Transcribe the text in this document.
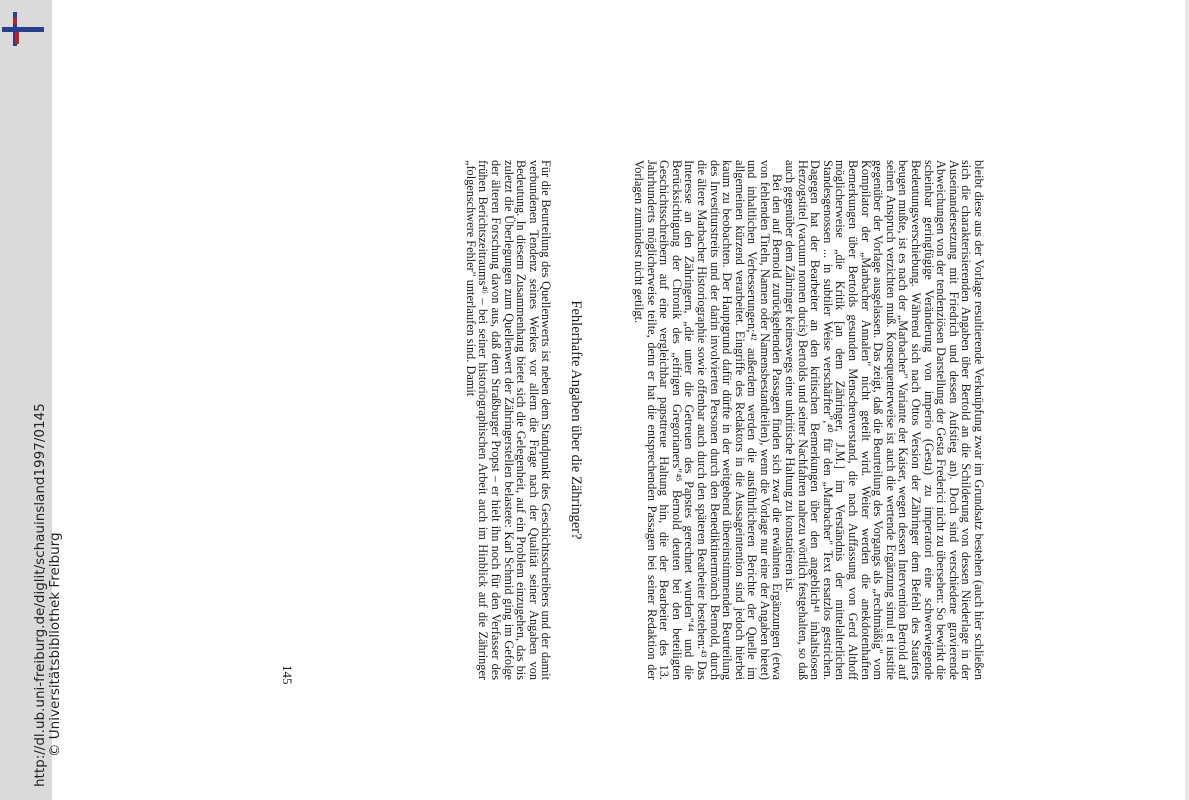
http://dl.ub.uni-freiburg.de/diglit/schauinsland1997/0145 © Universitätsbibliothek Freiburg	bleibt diese aus der Vorlage resultierende Verknüpfung zwar im Grundsatz bestehen (auch hier schließen sich die charakterisierenden Angaben über Bertold an die Schilderung von dessen Niederlage in der Auseinandersetzung mit Friedrich und dessen Aufstieg an). Doch sind verschiedene gravierende Abweichungen von der tendenziösen Darstellung der Gesta Frederici nicht zu übersehen: So bewirkt die scheinbar geringfügige Veränderung von imperio (Gesta) zu imperatori eine schwerwiegende Bedeutungsverschiebung. Während sich nach Ottos Version der Zähringer dem Befehl des Staufers beugen mußte, ist es nach der „Marbacher" Variante der Kaiser, wegen dessen Intervention Bertold auf seinen Anspruch verzichten muß. Konsequenterweise ist auch die wertende Ergänzung simul et iustitie gegenüber der Vorlage ausgelassen. Das zeigt, daß die Beurteilung des Vorgangs als „rechtmäßig" vom Kompilator der „Marbacher Annalen" nicht geteilt wird. Weiter werden die anekdotenhaften Bemerkungen über Bertolds gesunden Menschenverstand, die nach Auffassung von Gerd Althoff möglicherweise „die Kritik [an dem Zähringer, J.M.] im Verständnis der mittelalterlichen Standesgenossen ... in subtiler Weise verschärfter",⁴⁰ für den „Marbacher" Text ersatzlos gestrichen. Dagegen hat der Bearbeiter an den kritischen Bemerkungen über den angeblich⁴¹ inhaltslosen Herzogstitel (vacuum nomen ducis) Bertolds und seiner Nachfahren nahezu wörtlich festgehalten, so daß auch gegenüber dem Zähringer keineswegs eine unkritische Haltung zu konstatieren ist.

Bei den auf Bernold zurückgehenden Passagen finden sich zwar die erwähnten Ergänzungen (etwa von fehlenden Titeln, Namen oder Namensbestandteilen), wenn die Vorlage nur eine der Angaben bietet) und inhaltlichen Verbesserungen;⁴² außerdem werden die ausführlicheren Berichte der Quelle im allgemeinen kürzend verarbeitet. Eingriffe des Redaktors in die Aussageintention sind jedoch hierbei kaum zu beobachten. Der Hauptgrund dafür dürfte in der weitgehend übereinstimmenden Beurteilung des Investiturstreits und der darin involvierten Personen durch den Benediktinermönch Bernold, durch die ältere Marbacher Historiographie sowie offenbar auch durch den späteren Bearbeiter bestehen:⁴³ Das Interesse an den Zähringern, „die unter die Getreuen des Papstes gerechnet wurden"⁴⁴ und die Berücksichtigung der Chronik des „eifrigen Gregorianers"⁴⁵ Bernold deuten bei den beteiligten Geschichtsschreibern auf eine vergleichbar papsttreue Haltung hin, die der Bearbeiter des 13. Jahrhunderts möglicherweise teilte, denn er hat die entsprechenden Passagen bei seiner Redaktion der Vorlagen zumindest nicht getilgt.

Fehlerhafte Angaben über die Zähringer?

Für die Beurteilung des Quellenwerts ist neben dem Standpunkt des Geschichtsschreibers und der damit verbundenen Tendenz seines Werkes vor allem die Frage nach der Qualität seiner Angaben von Bedeutung. In diesem Zusammenhang bietet sich die Gelegenheit, auf ein Problem einzugehen, das bis zuletzt die Überlegungen zum Quellenwert der Zähringerstellen belastete: Karl Schmid ging im Gefolge der älteren Forschung davon aus, daß dem Straßburger Propst – er hielt ihn noch für den Verfasser des frühen Berichtszeitraums⁴⁶ – bei seiner historiographischen Arbeit auch im Hinblick auf die Zähringer „folgenschwere Fehler" unterlaufen sind. Damit

145
